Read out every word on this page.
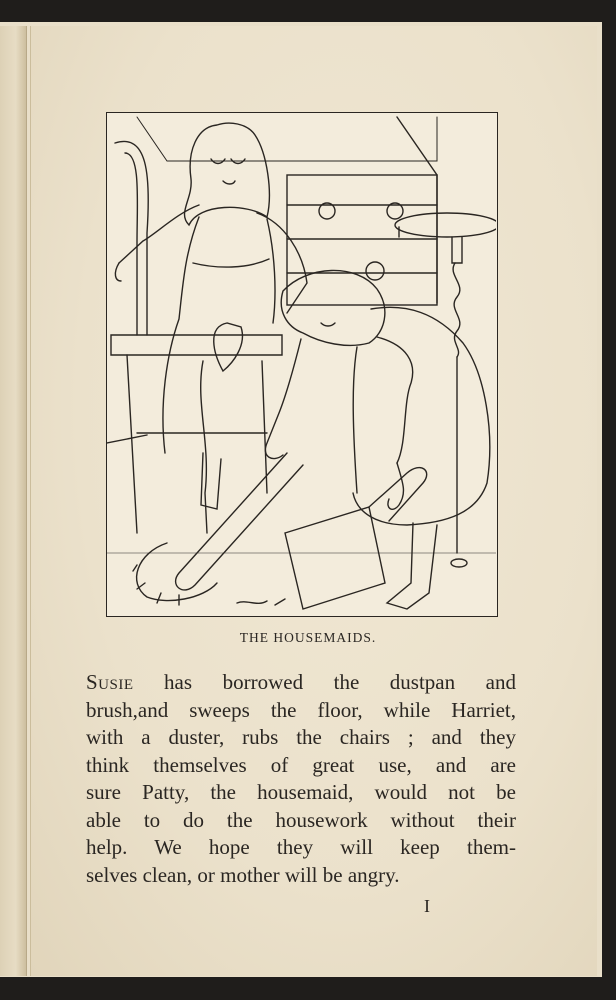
THE HOUSEMAIDS.
Susie has borrowed the dustpan and
brush,and sweeps the floor, while Harriet,
with a duster, rubs the chairs ; and they
think themselves of great use, and are
sure Patty, the housemaid, would not be
able to do the housework without their
help. We hope they will keep them-
selves clean, or mother will be angry.
I
